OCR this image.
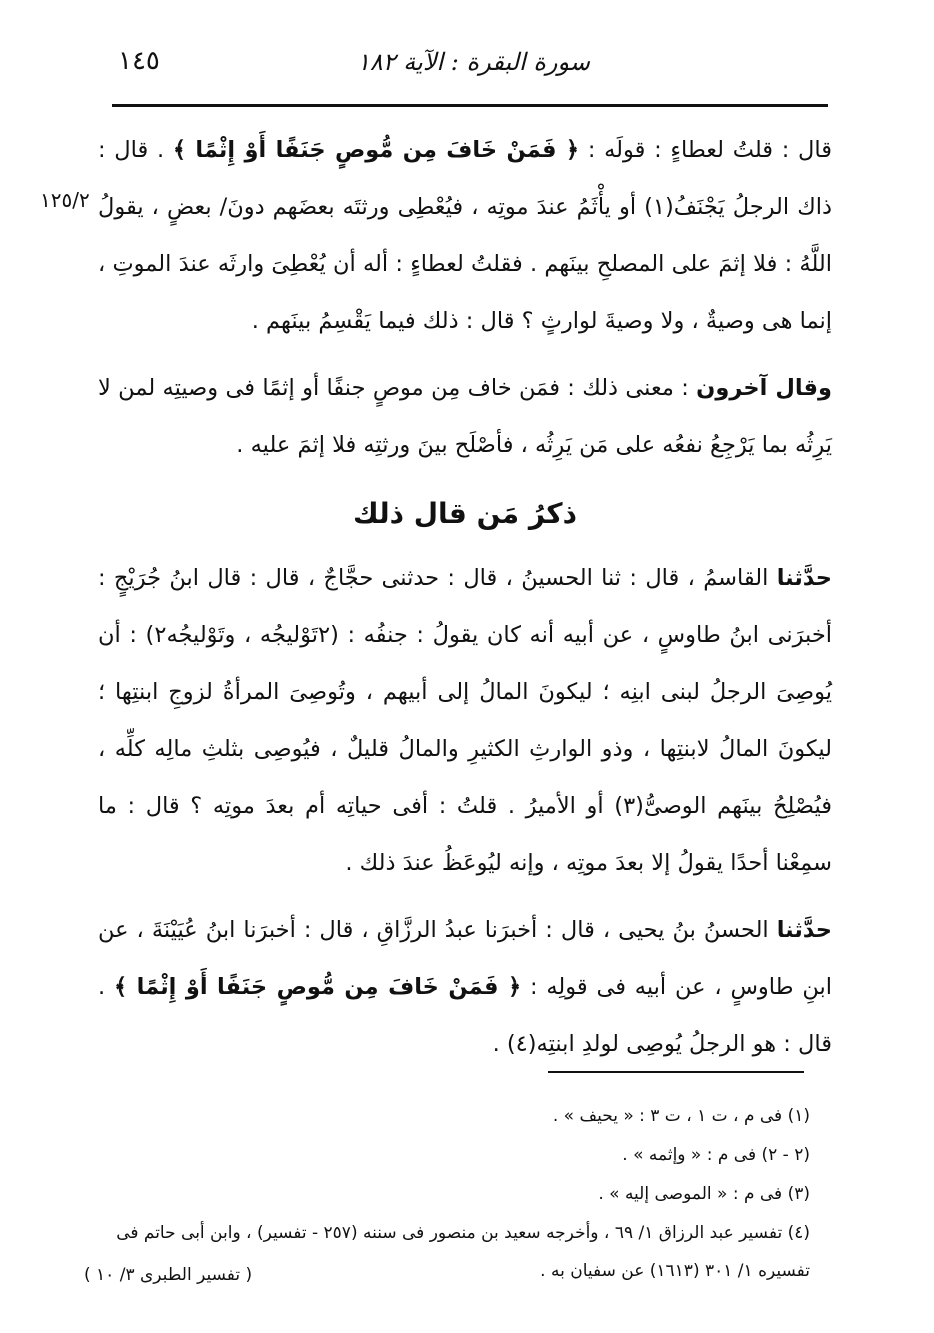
١٤٥	سورة البقرة : الآية ١٨٢
١٢٥/٢

قال : قلتُ لعطاءٍ : قولَه : ﴿ فَمَنْ خَافَ مِن مُّوصٍ جَنَفًا أَوْ إِثْمًا ﴾ . قال : ذاك الرجلُ يَجْنَفُ(١) أو يأْثَمُ عندَ موتِه ، فيُعْطِى ورثتَه بعضَهم دونَ/ بعضٍ ، يقولُ اللَّهُ : فلا إثمَ على المصلحِ بينَهم . فقلتُ لعطاءٍ : أله أن يُعْطِىَ وارثَه عندَ الموتِ ، إنما هى وصيةٌ ، ولا وصيةَ لوارثٍ ؟ قال : ذلك فيما يَقْسِمُ بينَهم .

وقال آخرون : معنى ذلك : فمَن خاف مِن موصٍ جنفًا أو إثمًا فى وصيتِه لمن لا يَرِثُه بما يَرْجِعُ نفعُه على مَن يَرِثُه ، فأصْلَح بينَ ورثتِه فلا إثمَ عليه .

ذكرُ مَن قال ذلك

حدَّثنا القاسمُ ، قال : ثنا الحسينُ ، قال : حدثنى حجَّاجٌ ، قال : قال ابنُ جُرَيْجٍ : أخبرَنى ابنُ طاوسٍ ، عن أبيه أنه كان يقولُ : جنفُه : (٢تَوْليجُه ، وتَوْليجُه٢) : أن يُوصِىَ الرجلُ لبنى ابنِه ؛ ليكونَ المالُ إلى أبيهم ، وتُوصِىَ المرأةُ لزوجِ ابنتِها ؛ ليكونَ المالُ لابنتِها ، وذو الوارثِ الكثيرِ والمالُ قليلٌ ، فيُوصِى بثلثِ مالِه كلِّه ، فيُصْلِحُ بينَهم الوصىُّ(٣) أو الأميرُ . قلتُ : أفى حياتِه أم بعدَ موتِه ؟ قال : ما سمِعْنا أحدًا يقولُ إلا بعدَ موتِه ، وإنه ليُوعَظُ عندَ ذلك .

حدَّثنا الحسنُ بنُ يحيى ، قال : أخبرَنا عبدُ الرزَّاقِ ، قال : أخبرَنا ابنُ عُيَيْنَةَ ، عن ابنِ طاوسٍ ، عن أبيه فى قولِه : ﴿ فَمَنْ خَافَ مِن مُّوصٍ جَنَفًا أَوْ إِثْمًا ﴾ . قال : هو الرجلُ يُوصِى لولدِ ابنتِه(٤) .

(١) فى م ، ت ١ ، ت ٣ : « يحيف » .

(٢ - ٢) فى م : « وإثمه » .

(٣) فى م : « الموصى إليه » .

(٤) تفسير عبد الرزاق ١/ ٦٩ ، وأخرجه سعيد بن منصور فى سننه (٢٥٧ - تفسير) ، وابن أبى حاتم فى

تفسيره ١/ ٣٠١ (١٦١٣) عن سفيان به .

( تفسير الطبرى ٣/ ١٠ )
